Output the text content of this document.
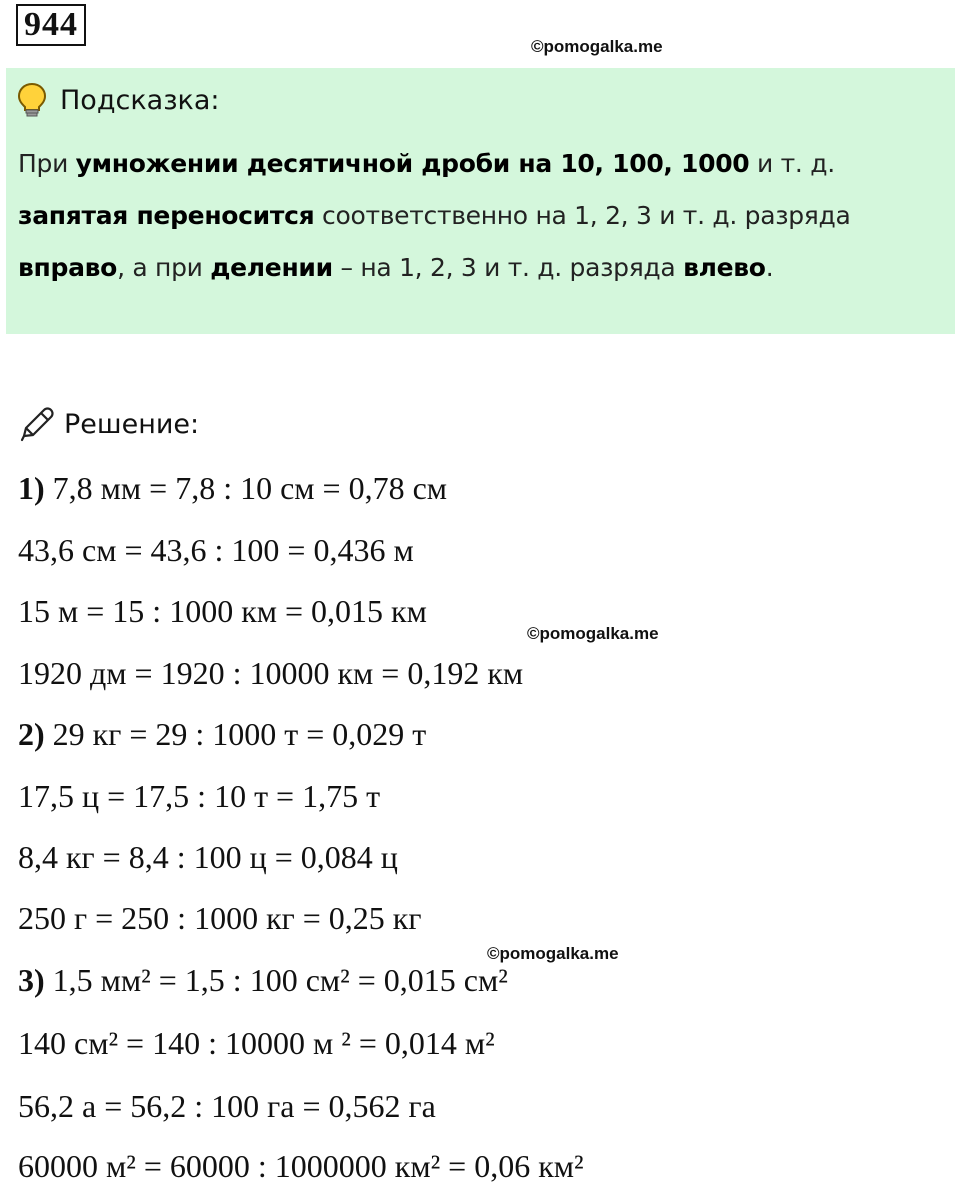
944
©pomogalka.me
Подсказка:
При умножении десятичной дроби на 10, 100, 1000 и т. д.
запятая переносится соответственно на 1, 2, 3 и т. д. разряда
вправо, а при делении – на 1, 2, 3 и т. д. разряда влево.
Решение:
1) 7,8 мм = 7,8 : 10 см = 0,78 см
43,6 см = 43,6 : 100 = 0,436 м
15 м = 15 : 1000 км = 0,015 км
©pomogalka.me
1920 дм = 1920 : 10000 км = 0,192 км
2) 29 кг = 29 : 1000 т = 0,029 т
17,5 ц = 17,5 : 10 т = 1,75 т
8,4 кг = 8,4 : 100 ц = 0,084 ц
250 г = 250 : 1000 кг = 0,25 кг
©pomogalka.me
3) 1,5 мм² = 1,5 : 100 см² = 0,015 см²
140 см² = 140 : 10000 м ² = 0,014 м²
56,2 а = 56,2 : 100 га = 0,562 га
60000 м² = 60000 : 1000000 км² = 0,06 км²
